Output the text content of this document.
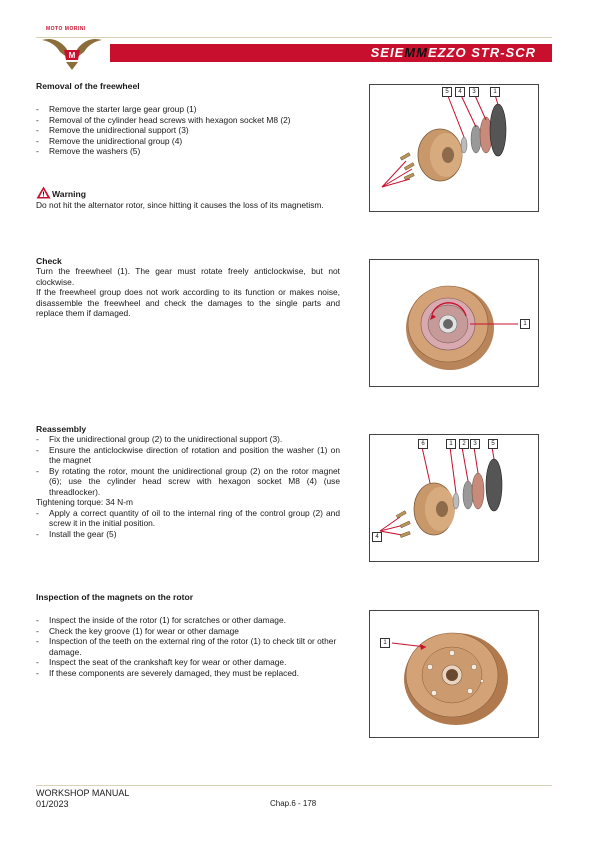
MOTO MORINI
M	SEIEMMEZZO STR-SCR

Removal of the freewheel

- Remove the starter large gear group (1)
- Removal of the cylinder head screws with hexagon socket M8 (2)
- Remove the unidirectional support (3)
- Remove the unidirectional group (4)
- Remove the washers (5)
5	4	3	1
Warning

Do not hit the alternator rotor, since hitting it causes the loss of its magnetism.

Check

Turn the freewheel (1). The gear must rotate freely anticlockwise, but not clockwise.

If the freewheel group does not work according to its function or makes noise, disassemble the freewheel and check the damages to the single parts and replace them if damaged.

1

Reassembly

- Fix the unidirectional group (2) to the unidirectional support (3).
- Ensure the anticlockwise direction of rotation and position the washer (1) on the magnet
- By rotating the rotor, mount the unidirectional group (2) on the rotor magnet (6); use the cylinder head screw with hexagon socket M8 (4) (use threadlocker).

Tightening torque: 34 N-m

- Apply a correct quantity of oil to the internal ring of the control group (2) and screw it in the initial position.
- Install the gear (5)
6	1	2	3	5
4

Inspection of the magnets on the rotor

- Inspect the inside of the rotor (1) for scratches or other damage.
- Check the key groove (1) for wear or other damage
- Inspection of the teeth on the external ring of the rotor (1) to check tilt or other damage.
- Inspect the seat of the crankshaft key for wear or other damage.
- If these components are severely damaged, they must be replaced.
1
WORKSHOP MANUAL
01/2023	Chap.6 - 178
